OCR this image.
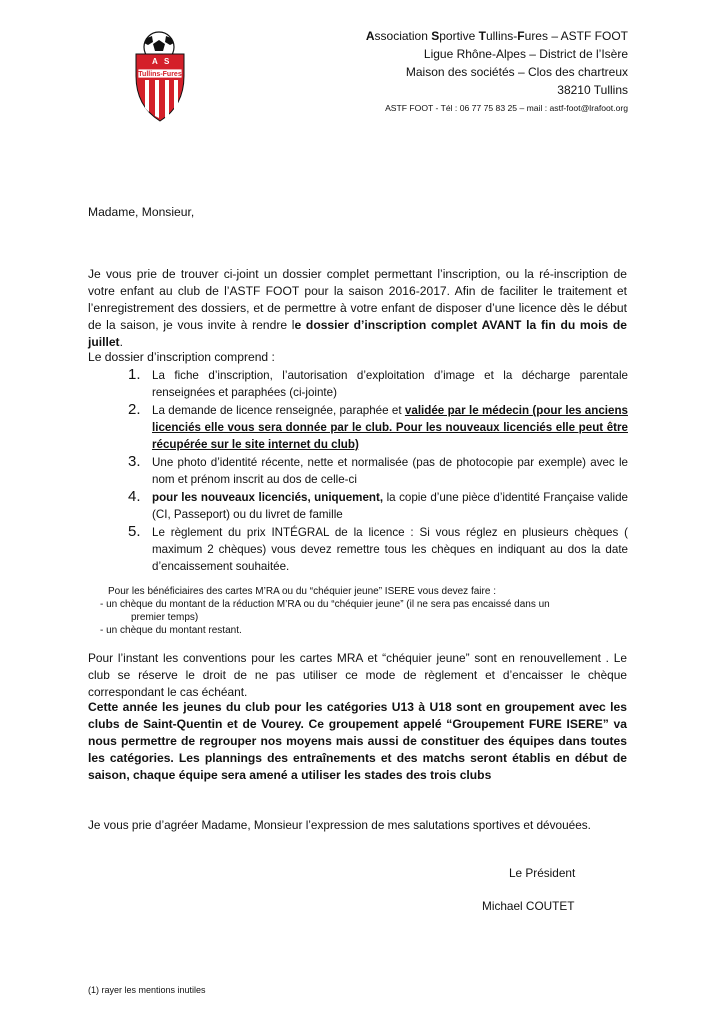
A S
Tullins-Fures
Association Sportive Tullins-Fures – ASTF FOOT
Ligue Rhône-Alpes – District de l’Isère
Maison des sociétés – Clos des chartreux
38210 Tullins
ASTF FOOT - Tél : 06 77 75 83 25 – mail : astf-foot@lrafoot.org
Madame, Monsieur,
Je vous prie de trouver ci-joint un dossier complet permettant l’inscription, ou la ré-inscription de votre enfant au club de l’ASTF FOOT pour la saison 2016-2017. Afin de faciliter le traitement et l’enregistrement des dossiers, et de permettre à votre enfant de disposer d’une licence dès le début de la saison, je vous invite à rendre le dossier d’inscription complet AVANT la fin du mois de juillet.
Le dossier d’inscription comprend :
1. La fiche d’inscription, l’autorisation d’exploitation d’image et la décharge parentale renseignées et paraphées (ci-jointe)
2. La demande de licence renseignée, paraphée et validée par le médecin (pour les anciens licenciés elle vous sera donnée par le club. Pour les nouveaux licenciés elle peut être récupérée sur le site internet du club)
3. Une photo d’identité récente, nette et normalisée (pas de photocopie par exemple) avec le nom et prénom inscrit au dos de celle-ci
4. pour les nouveaux licenciés, uniquement, la copie d’une pièce d’identité Française valide (CI, Passeport) ou du livret de famille
5. Le règlement du prix INTÉGRAL de la licence : Si vous réglez en plusieurs chèques ( maximum 2 chèques) vous devez remettre tous les chèques en indiquant au dos la date d’encaissement souhaitée.
Pour les bénéficiaires des cartes M’RA ou du “chéquier jeune” ISERE vous devez faire :
- un chèque du montant de la réduction M’RA ou du “chéquier jeune” (il ne sera pas encaissé dans un
premier temps)
- un chèque du montant restant.
Pour l’instant les conventions pour les cartes MRA et “chéquier jeune” sont en renouvellement . Le club se réserve le droit de ne pas utiliser ce mode de règlement et d’encaisser le chèque correspondant le cas échéant.
Cette année les jeunes du club pour les catégories U13 à U18 sont en groupement avec les clubs de Saint-Quentin et de Vourey. Ce groupement appelé “Groupement FURE ISERE” va nous permettre de regrouper nos moyens mais aussi de constituer des équipes dans toutes les catégories. Les plannings des entraînements et des matchs seront établis en début de saison, chaque équipe sera amené a utiliser les stades des trois clubs
Je vous prie d’agréer Madame, Monsieur l’expression de mes salutations sportives et dévouées.
Le Président
Michael COUTET
(1) rayer les mentions inutiles
